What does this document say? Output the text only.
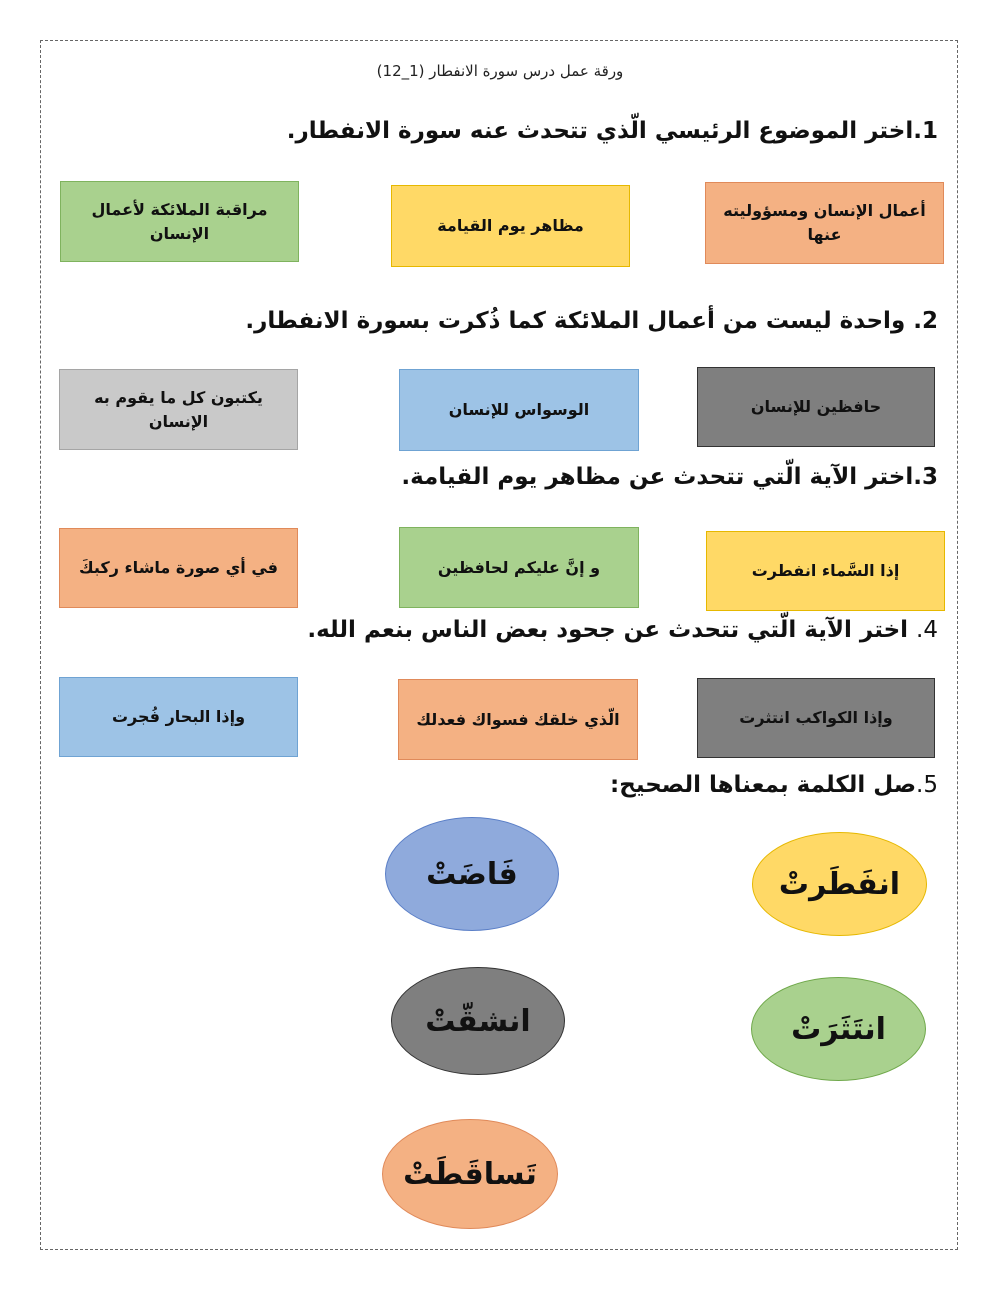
ورقة عمل درس سورة الانفطار (1_12)
1.اختر الموضوع الرئيسي الّذي تتحدث عنه سورة الانفطار.
أعمال الإنسان ومسؤوليته عنها
مظاهر يوم القيامة
مراقبة الملائكة لأعمال الإنسان
2. واحدة ليست من أعمال الملائكة كما ذُكرت بسورة الانفطار.
حافظين للإنسان
الوسواس للإنسان
يكتبون كل ما يقوم به الإنسان
3.اختر الآية الّتي تتحدث عن مظاهر يوم القيامة.
إذا السَّماء انفطرت
و إنَّ عليكم لحافظين
في أي صورة ماشاء ركبكَ
4. اختر الآية الّتي تتحدث عن جحود بعض الناس بنعم الله.
وإذا الكواكب انتثرت
الّذي خلقك فسواك فعدلك
وإذا البحار فُجرت
5.صل الكلمة بمعناها الصحيح:
انفَطَرتْ
انتَثَرَتْ
فَاضَتْ
انشقّتْ
تَساقَطَتْ
